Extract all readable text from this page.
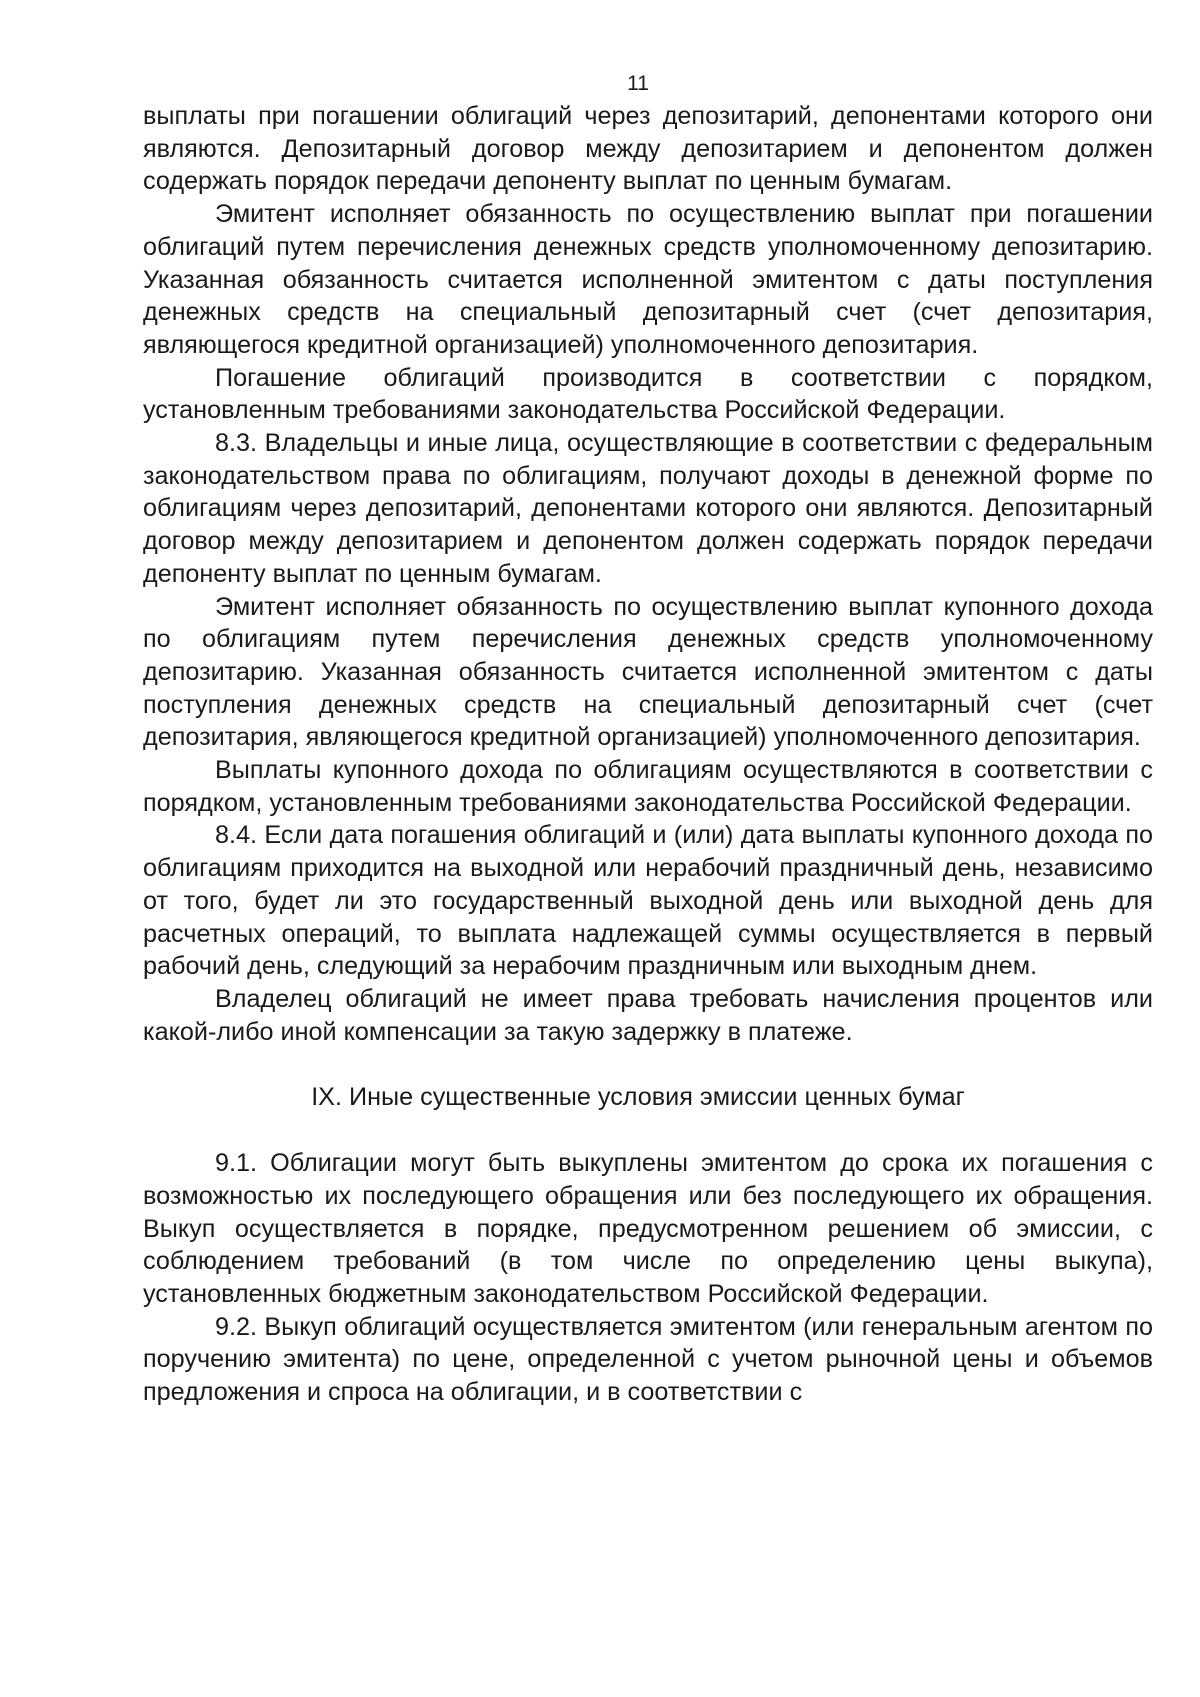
11

выплаты при погашении облигаций через депозитарий, депонентами которого они являются. Депозитарный договор между депозитарием и депонентом должен содержать порядок передачи депоненту выплат по ценным бумагам.

Эмитент исполняет обязанность по осуществлению выплат при погашении облигаций путем перечисления денежных средств уполномоченному депозитарию. Указанная обязанность считается исполненной эмитентом с даты поступления денежных средств на специальный депозитарный счет (счет депозитария, являющегося кредитной организацией) уполномоченного депозитария.

Погашение облигаций производится в соответствии с порядком, установленным требованиями законодательства Российской Федерации.

8.3. Владельцы и иные лица, осуществляющие в соответствии с федеральным законодательством права по облигациям, получают доходы в денежной форме по облигациям через депозитарий, депонентами которого они являются. Депозитарный договор между депозитарием и депонентом должен содержать порядок передачи депоненту выплат по ценным бумагам.

Эмитент исполняет обязанность по осуществлению выплат купонного дохода по облигациям путем перечисления денежных средств уполномоченному депозитарию. Указанная обязанность считается исполненной эмитентом с даты поступления денежных средств на специальный депозитарный счет (счет депозитария, являющегося кредитной организацией) уполномоченного депозитария.

Выплаты купонного дохода по облигациям осуществляются в соответствии с порядком, установленным требованиями законодательства Российской Федерации.

8.4. Если дата погашения облигаций и (или) дата выплаты купонного дохода по облигациям приходится на выходной или нерабочий праздничный день, независимо от того, будет ли это государственный выходной день или выходной день для расчетных операций, то выплата надлежащей суммы осуществляется в первый рабочий день, следующий за нерабочим праздничным или выходным днем.

Владелец облигаций не имеет права требовать начисления процентов или какой-либо иной компенсации за такую задержку в платеже.

IX. Иные существенные условия эмиссии ценных бумаг

9.1. Облигации могут быть выкуплены эмитентом до срока их погашения с возможностью их последующего обращения или без последующего их обращения. Выкуп осуществляется в порядке, предусмотренном решением об эмиссии, с соблюдением требований (в том числе по определению цены выкупа), установленных бюджетным законодательством Российской Федерации.

9.2. Выкуп облигаций осуществляется эмитентом (или генеральным агентом по поручению эмитента) по цене, определенной с учетом рыночной цены и объемов предложения и спроса на облигации, и в соответствии с
